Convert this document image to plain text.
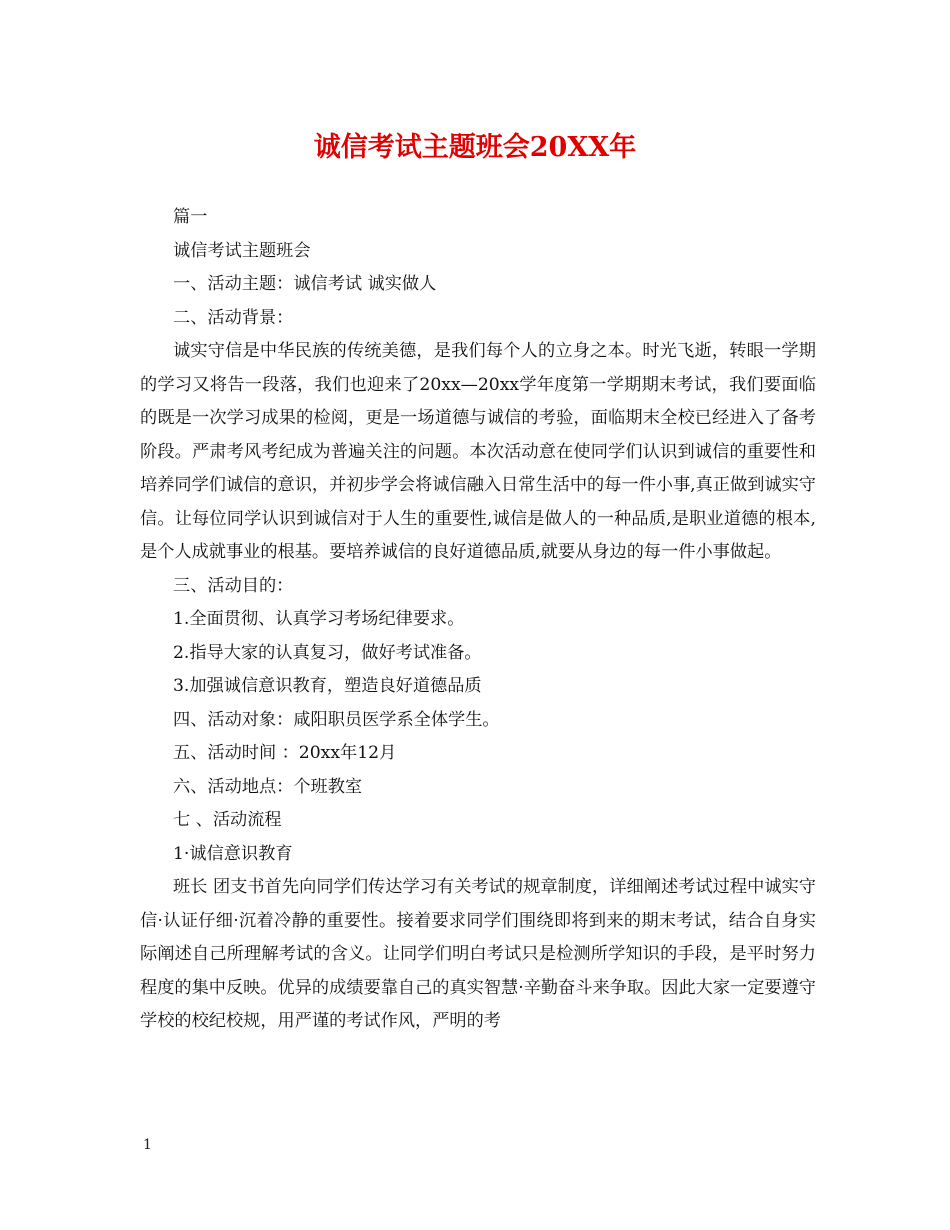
诚信考试主题班会20XX年

篇一

诚信考试主题班会

一、活动主题：诚信考试 诚实做人

二、活动背景：

诚实守信是中华民族的传统美德，是我们每个人的立身之本。时光飞逝，转眼一学期的学习又将告一段落，我们也迎来了20xx—20xx学年度第一学期期末考试，我们要面临的既是一次学习成果的检阅，更是一场道德与诚信的考验，面临期末全校已经进入了备考阶段。严肃考风考纪成为普遍关注的问题。本次活动意在使同学们认识到诚信的重要性和培养同学们诚信的意识，并初步学会将诚信融入日常生活中的每一件小事,真正做到诚实守信。让每位同学认识到诚信对于人生的重要性,诚信是做人的一种品质,是职业道德的根本,是个人成就事业的根基。要培养诚信的良好道德品质,就要从身边的每一件小事做起。

三、活动目的：

1.全面贯彻、认真学习考场纪律要求。

2.指导大家的认真复习，做好考试准备。

3.加强诚信意识教育，塑造良好道德品质

四、活动对象：咸阳职员医学系全体学生。

五、活动时间 ：20xx年12月

六、活动地点：个班教室

七 、活动流程

1·诚信意识教育

班长 团支书首先向同学们传达学习有关考试的规章制度，详细阐述考试过程中诚实守信·认证仔细·沉着冷静的重要性。接着要求同学们围绕即将到来的期末考试，结合自身实际阐述自己所理解考试的含义。让同学们明白考试只是检测所学知识的手段，是平时努力程度的集中反映。优异的成绩要靠自己的真实智慧·辛勤奋斗来争取。因此大家一定要遵守学校的校纪校规，用严谨的考试作风，严明的考

1
